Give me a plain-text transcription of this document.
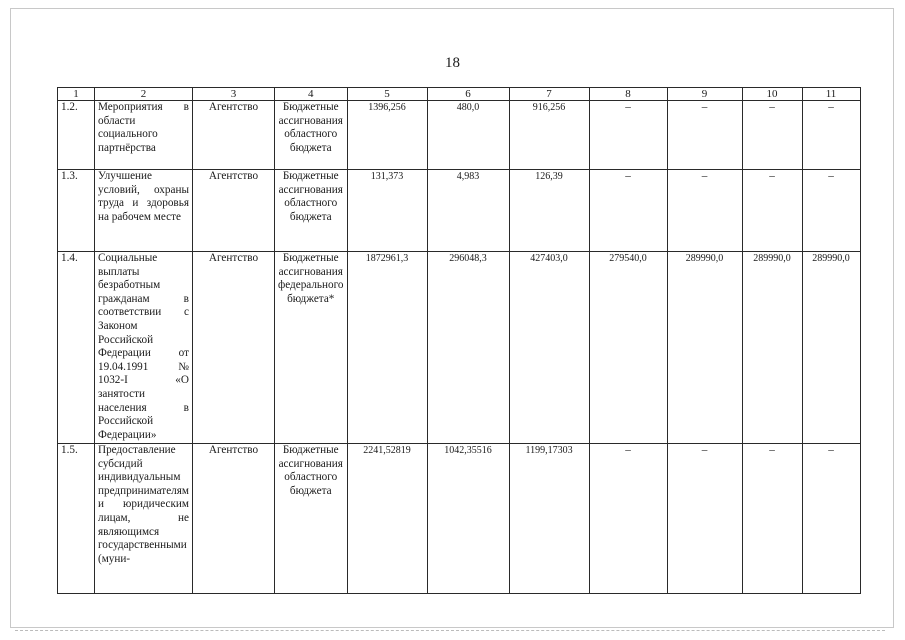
18
1	2	3	4	5	6	7	8	9	10	11
1.2.	Мероприятия в области социального партнёрства	Агентство	Бюджетные ассигнования областного бюджета	1396,256	480,0	916,256	–	–	–	–
1.3.	Улучшение условий, охраны труда и здоровья на рабочем месте	Агентство	Бюджетные ассигнования областного бюджета	131,373	4,983	126,39	–	–	–	–
1.4.	Социальные выплаты безработным гражданам в соответствии с Законом Российской Федерации от 19.04.1991 № 1032-I «О занятости населения в Российской Федерации»	Агентство	Бюджетные ассигнования федерального бюджета*	1872961,3	296048,3	427403,0	279540,0	289990,0	289990,0	289990,0
1.5.	Предоставление субсидий индивидуальным предпринимателям и юридическим лицам, не являющимся государственными (муни-	Агентство	Бюджетные ассигнования областного бюджета	2241,52819	1042,35516	1199,17303	–	–	–	–
